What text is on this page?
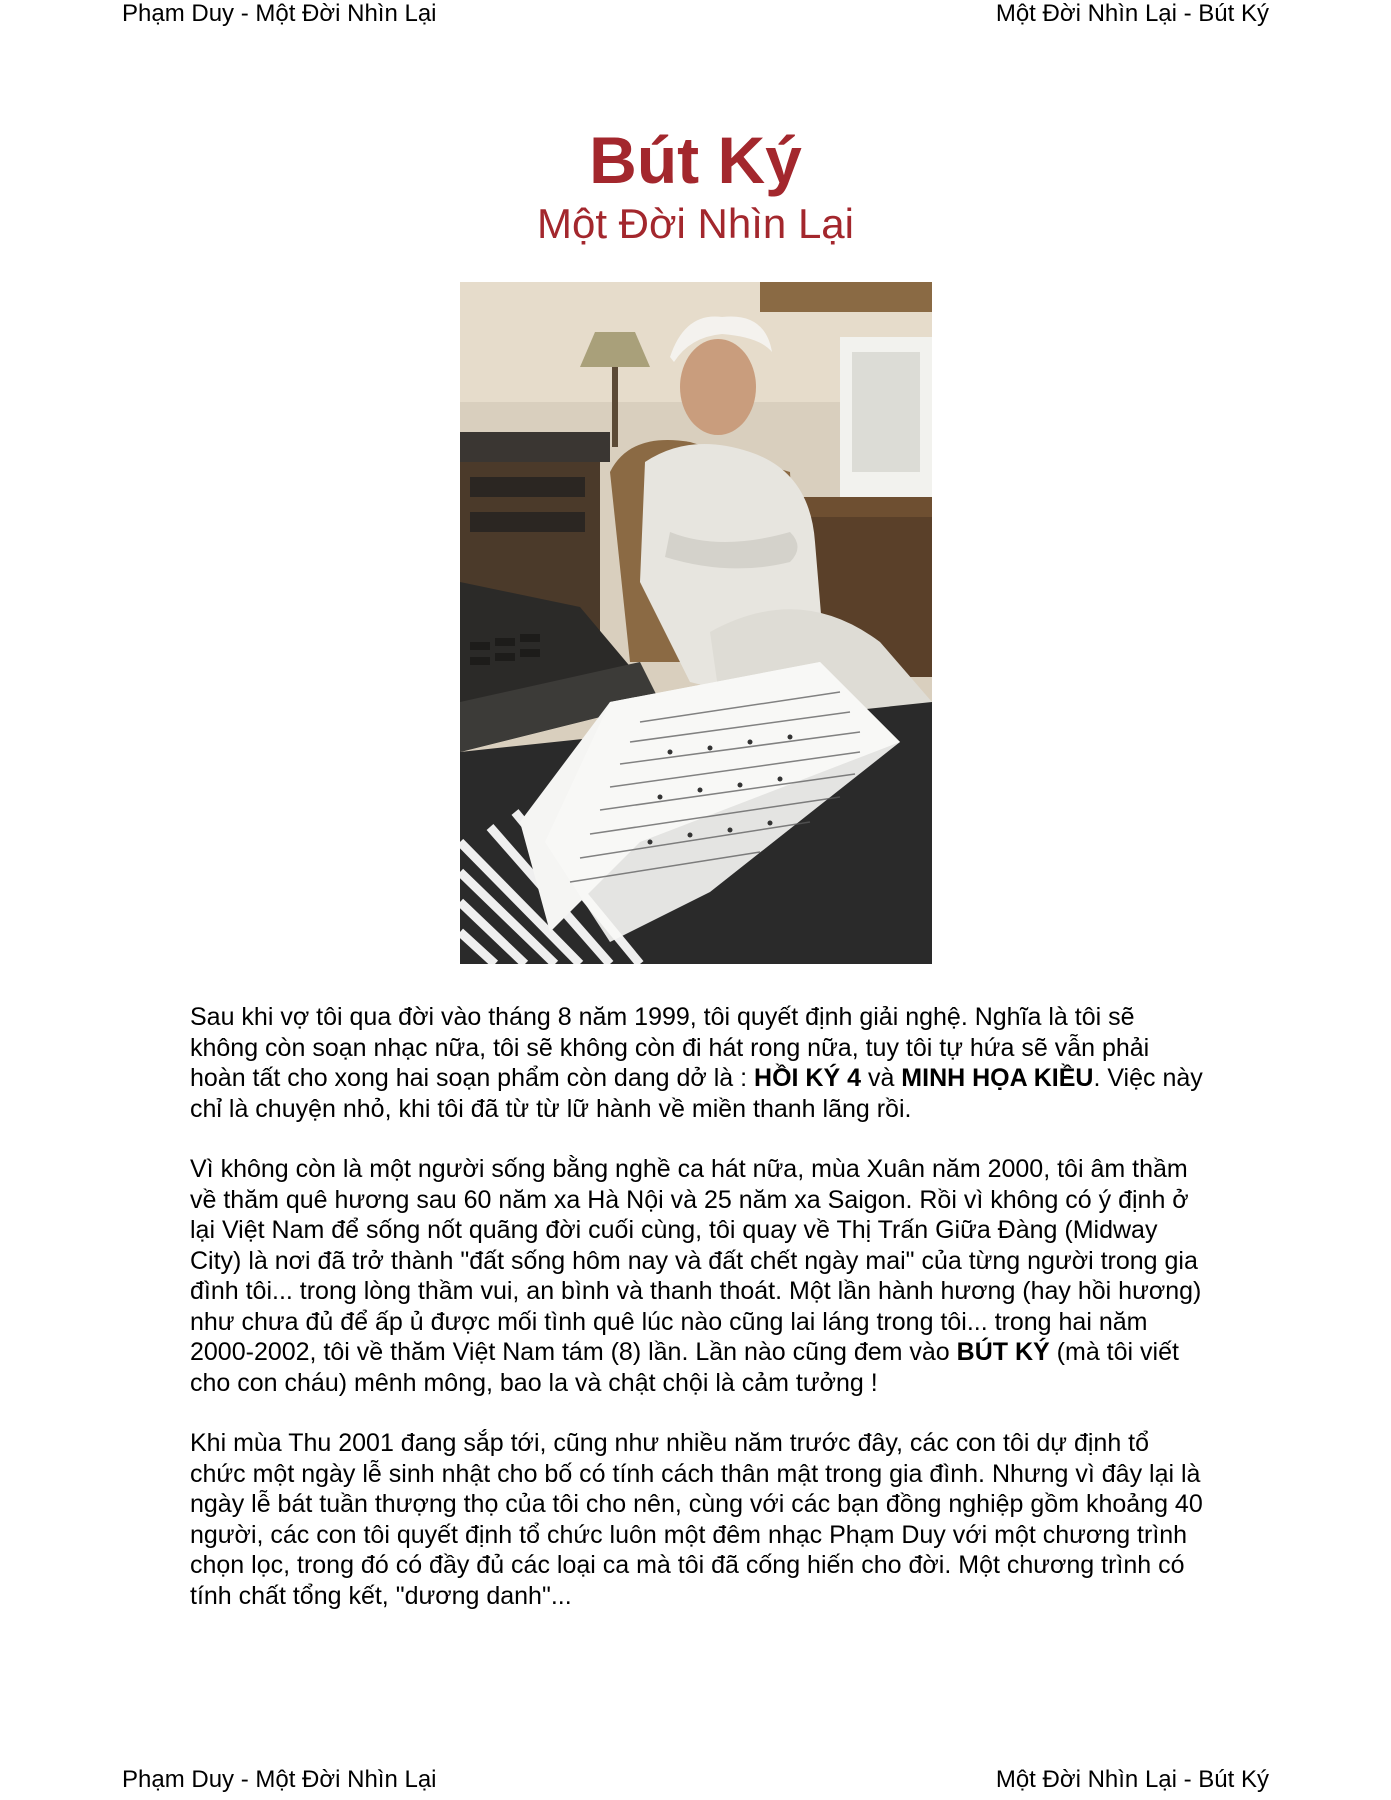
Phạm Duy - Một Đời Nhìn Lại	Một Đời Nhìn Lại - Bút Ký
Bút Ký
Một Đời Nhìn Lại

Sau khi vợ tôi qua đời vào tháng 8 năm 1999, tôi quyết định giải nghệ. Nghĩa là tôi sẽ không còn soạn nhạc nữa, tôi sẽ không còn đi hát rong nữa, tuy tôi tự hứa sẽ vẫn phải hoàn tất cho xong hai soạn phẩm còn dang dở là : HỒI KÝ 4 và MINH HỌA KIỀU. Việc này chỉ là chuyện nhỏ, khi tôi đã từ từ lữ hành về miền thanh lãng rồi.

Vì không còn là một người sống bằng nghề ca hát nữa, mùa Xuân năm 2000, tôi âm thầm về thăm quê hương sau 60 năm xa Hà Nội và 25 năm xa Saigon. Rồi vì không có ý định ở lại Việt Nam để sống nốt quãng đời cuối cùng, tôi quay về Thị Trấn Giữa Đàng (Midway City) là nơi đã trở thành "đất sống hôm nay và đất chết ngày mai" của từng người trong gia đình tôi... trong lòng thầm vui, an bình và thanh thoát. Một lần hành hương (hay hồi hương) như chưa đủ để ấp ủ được mối tình quê lúc nào cũng lai láng trong tôi... trong hai năm 2000-2002, tôi về thăm Việt Nam tám (8) lần. Lần nào cũng đem vào BÚT KÝ (mà tôi viết cho con cháu) mênh mông, bao la và chật chội là cảm tưởng !

Khi mùa Thu 2001 đang sắp tới, cũng như nhiều năm trước đây, các con tôi dự định tổ chức một ngày lễ sinh nhật cho bố có tính cách thân mật trong gia đình. Nhưng vì đây lại là ngày lễ bát tuần thượng thọ của tôi cho nên, cùng với các bạn đồng nghiệp gồm khoảng 40 người, các con tôi quyết định tổ chức luôn một đêm nhạc Phạm Duy với một chương trình chọn lọc, trong đó có đầy đủ các loại ca mà tôi đã cống hiến cho đời. Một chương trình có tính chất tổng kết, "dương danh"...

Phạm Duy - Một Đời Nhìn Lại	Một Đời Nhìn Lại - Bút Ký
